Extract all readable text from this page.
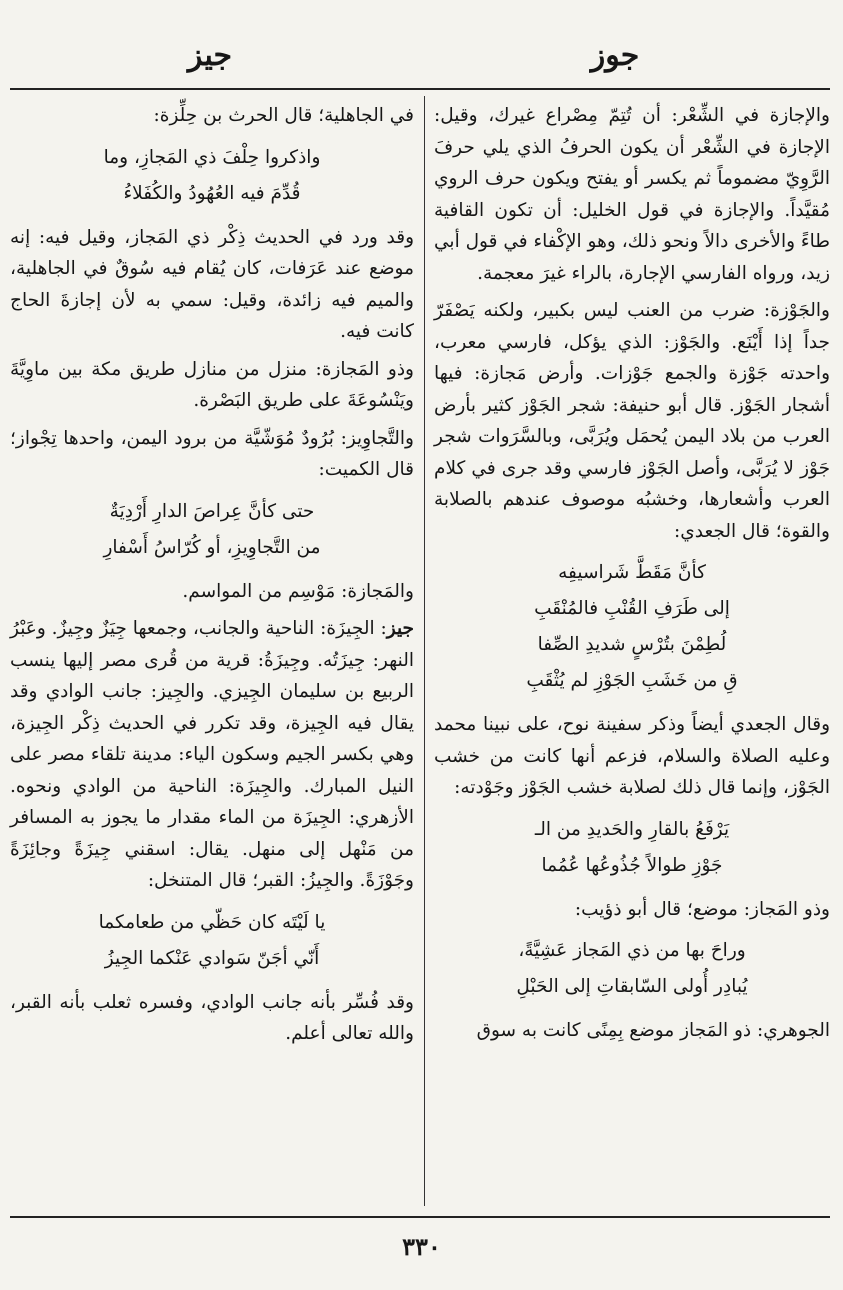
جوز
جيز

والإجازة في الشِّعْر: أن تُتِمّ مِصْراع غيرك، وقيل: الإجازة في الشِّعْر أن يكون الحرفُ الذي يلي حرفَ الرَّوِيّ مضموماً ثم يكسر أو يفتح ويكون حرف الروي مُقيَّداً. والإجازة في قول الخليل: أن تكون القافية طاءً والأخرى دالاً ونحو ذلك، وهو الإكْفاء في قول أبي زيد، ورواه الفارسي الإجارة، بالراء غيرَ معجمة.

والجَوْزة: ضرب من العنب ليس بكبير، ولكنه يَصْفَرّ جداً إذا أَيْنَع. والجَوْز: الذي يؤكل، فارسي معرب، واحدته جَوْزة والجمع جَوْزات. وأرض مَجازة: فيها أشجار الجَوْز. قال أبو حنيفة: شجر الجَوْز كثير بأرض العرب من بلاد اليمن يُحمَل ويُرَبَّى، وبالسَّرَوات شجر جَوْز لا يُرَبَّى، وأصل الجَوْز فارسي وقد جرى في كلام العرب وأشعارها، وخشبُه موصوف عندهم بالصلابة والقوة؛ قال الجعدي:

كأنَّ مَقَطَّ شَراسيفِه
إلى طَرَفِ القُنْبِ فالمُنْقَبِ
لُطِمْنَ بتُرْسٍ شديدِ الصِّفا
قِ من خَشَبِ الجَوْزِ لم يُثْقَبِ

وقال الجعدي أيضاً وذكر سفينة نوح، على نبينا محمد وعليه الصلاة والسلام، فزعم أنها كانت من خشب الجَوْز، وإنما قال ذلك لصلابة خشب الجَوْز وجَوْدته:

يَرْفَعُ بالقارِ والحَديدِ من الـ
جَوْزِ طوالاً جُذُوعُها عُمُما

وذو المَجاز: موضع؛ قال أبو ذؤيب:

وراحَ بها من ذي المَجاز عَشِيَّةً،
يُبادِر أُولى السّابقاتِ إلى الحَبْلِ

الجوهري: ذو المَجاز موضع بِمِنًى كانت به سوق

في الجاهلية؛ قال الحرث بن حِلِّزة:

واذكروا حِلْفَ ذي المَجازِ، وما
قُدِّمَ فيه العُهُودُ والكُفَلاءُ

وقد ورد في الحديث ذِكْر ذي المَجاز، وقيل فيه: إنه موضع عند عَرَفات، كان يُقام فيه سُوقٌ في الجاهلية، والميم فيه زائدة، وقيل: سمي به لأن إجازةَ الحاج كانت فيه.

وذو المَجازة: منزل من منازل طريق مكة بين ماوِيَّةَ ويَنْسُوعَةَ على طريق البَصْرة.

والتَّجاوِيز: بُرُودٌ مُوَشّيَّة من برود اليمن، واحدها تِجْواز؛ قال الكميت:

حتى كأنَّ عِراصَ الدارِ أَرْدِيَةٌ
من التَّجاوِيزِ، أو كُرّاسُ أَسْفارِ

والمَجازة: مَوْسِم من المواسم.

جيز: الجِيزَة: الناحية والجانب، وجمعها جِيَزٌ وجِيزٌ. وعَبْرُ النهر: جِيزَتُه. وجِيزَةُ: قرية من قُرى مصر إليها ينسب الربيع بن سليمان الجِيزي. والجِيز: جانب الوادي وقد يقال فيه الجِيزة، وقد تكرر في الحديث ذِكْر الجِيزة، وهي بكسر الجيم وسكون الياء: مدينة تلقاء مصر على النيل المبارك. والجِيزَة: الناحية من الوادي ونحوه. الأزهري: الجِيزَة من الماء مقدار ما يجوز به المسافر من مَنْهل إلى منهل. يقال: اسقني جِيزَةً وجائِزَةً وجَوْزَةً. والجِيزُ: القبر؛ قال المتنخل:

يا لَيْتَه كان حَظّي من طعامكما
أَنّي أجَنّ سَوادي عَنْكما الجِيزُ

وقد فُسِّر بأنه جانب الوادي، وفسره ثعلب بأنه القبر، والله تعالى أعلم.

٣٣٠
